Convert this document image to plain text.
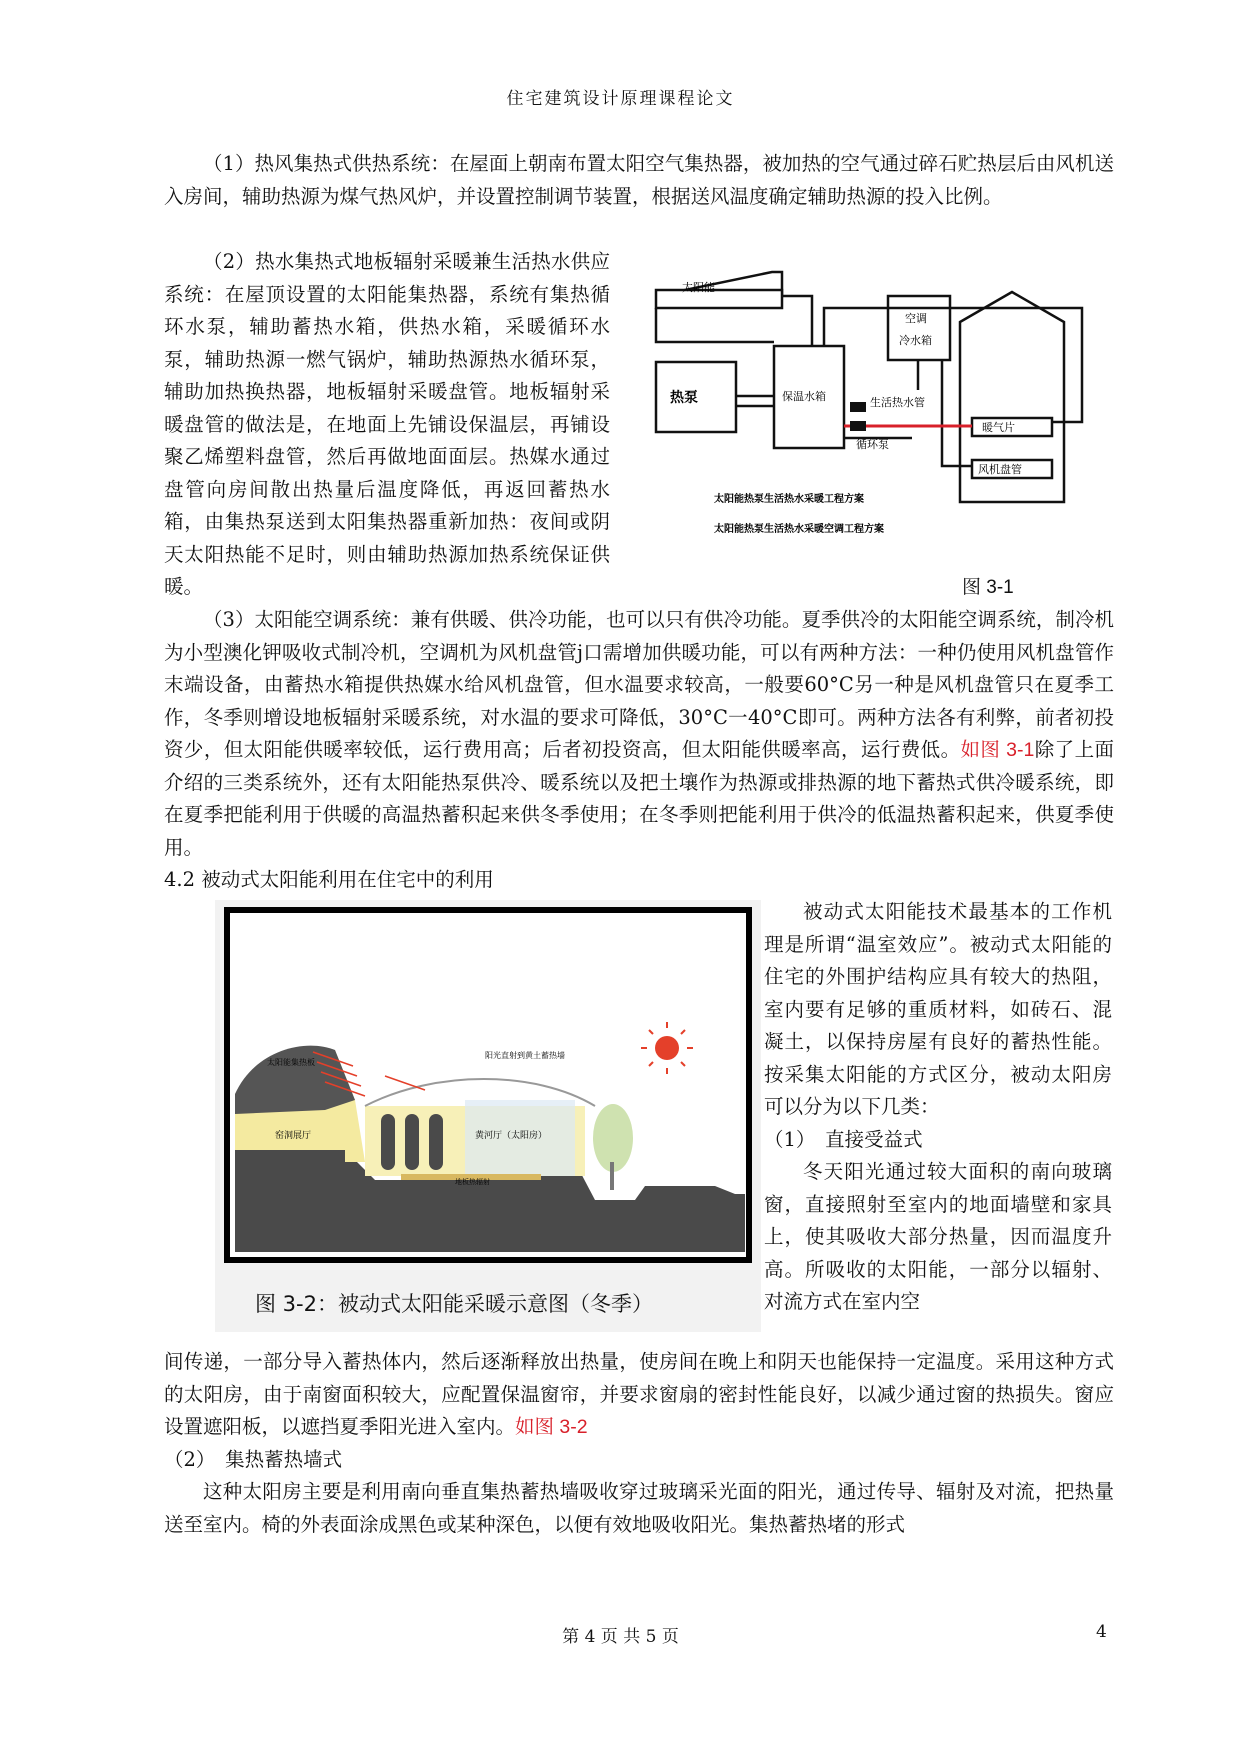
住宅建筑设计原理课程论文

（1）热风集热式供热系统：在屋面上朝南布置太阳空气集热器，被加热的空气通过碎石贮热层后由风机送入房间，辅助热源为煤气热风炉，并设置控制调节装置，根据送风温度确定辅助热源的投入比例。

（2）热水集热式地板辐射采暖兼生活热水供应系统：在屋顶设置的太阳能集热器，系统有集热循环水泵，辅助蓄热水箱，供热水箱，采暖循环水泵，辅助热源一燃气锅炉，辅助热源热水循环泵，辅助加热换热器，地板辐射采暖盘管。地板辐射采暖盘管的做法是，在地面上先铺设保温层，再铺设聚乙烯塑料盘管，然后再做地面面层。热媒水通过盘管向房间散出热量后温度降低，再返回蓄热水箱，由集热泵送到太阳集热器重新加热：夜间或阴天太阳热能不足时，则由辅助热源加热系统保证供暖。

太阳能
空调
冷水箱
热泵	保温水箱	生活热水管
循环泵
暖气片
风机盘管
太阳能热泵生活热水采暖工程方案
太阳能热泵生活热水采暖空调工程方案
图 3-1

（3）太阳能空调系统：兼有供暖、供冷功能，也可以只有供冷功能。夏季供冷的太阳能空调系统，制冷机为小型澳化钾吸收式制冷机，空调机为风机盘管j口需增加供暖功能，可以有两种方法：一种仍使用风机盘管作末端设备，由蓄热水箱提供热媒水给风机盘管，但水温要求较高，一般要60°C另一种是风机盘管只在夏季工作，冬季则增设地板辐射采暖系统，对水温的要求可降低，30°C一40°C即可。两种方法各有利弊，前者初投资少，但太阳能供暖率较低，运行费用高；后者初投资高，但太阳能供暖率高，运行费低。如图 3-1除了上面介绍的三类系统外，还有太阳能热泵供冷、暖系统以及把土壤作为热源或排热源的地下蓄热式供冷暖系统，即在夏季把能利用于供暖的高温热蓄积起来供冬季使用；在冬季则把能利用于供冷的低温热蓄积起来，供夏季使用。

4.2 被动式太阳能利用在住宅中的利用

太阳能集热板
阳光直射到黄土蓄热墙
窑洞展厅	黄河厅（太阳房）
地板热辐射
图 3-2：被动式太阳能采暖示意图（冬季）

被动式太阳能技术最基本的工作机理是所谓“温室效应”。被动式太阳能的住宅的外围护结构应具有较大的热阻，室内要有足够的重质材料，如砖石、混凝土，以保持房屋有良好的蓄热性能。按采集太阳能的方式区分，被动太阳房可以分为以下几类：

（1）　直接受益式

冬天阳光通过较大面积的南向玻璃窗，直接照射至室内的地面墙壁和家具上，使其吸收大部分热量，因而温度升高。所吸收的太阳能，一部分以辐射、对流方式在室内空

间传递，一部分导入蓄热体内，然后逐渐释放出热量，使房间在晚上和阴天也能保持一定温度。采用这种方式的太阳房，由于南窗面积较大，应配置保温窗帘，并要求窗扇的密封性能良好，以减少通过窗的热损失。窗应设置遮阳板，以遮挡夏季阳光进入室内。如图 3-2

（2）　集热蓄热墙式

这种太阳房主要是利用南向垂直集热蓄热墙吸收穿过玻璃采光面的阳光，通过传导、辐射及对流，把热量送至室内。椅的外表面涂成黑色或某种深色，以便有效地吸收阳光。集热蓄热堵的形式

第 4 页 共 5 页	4
